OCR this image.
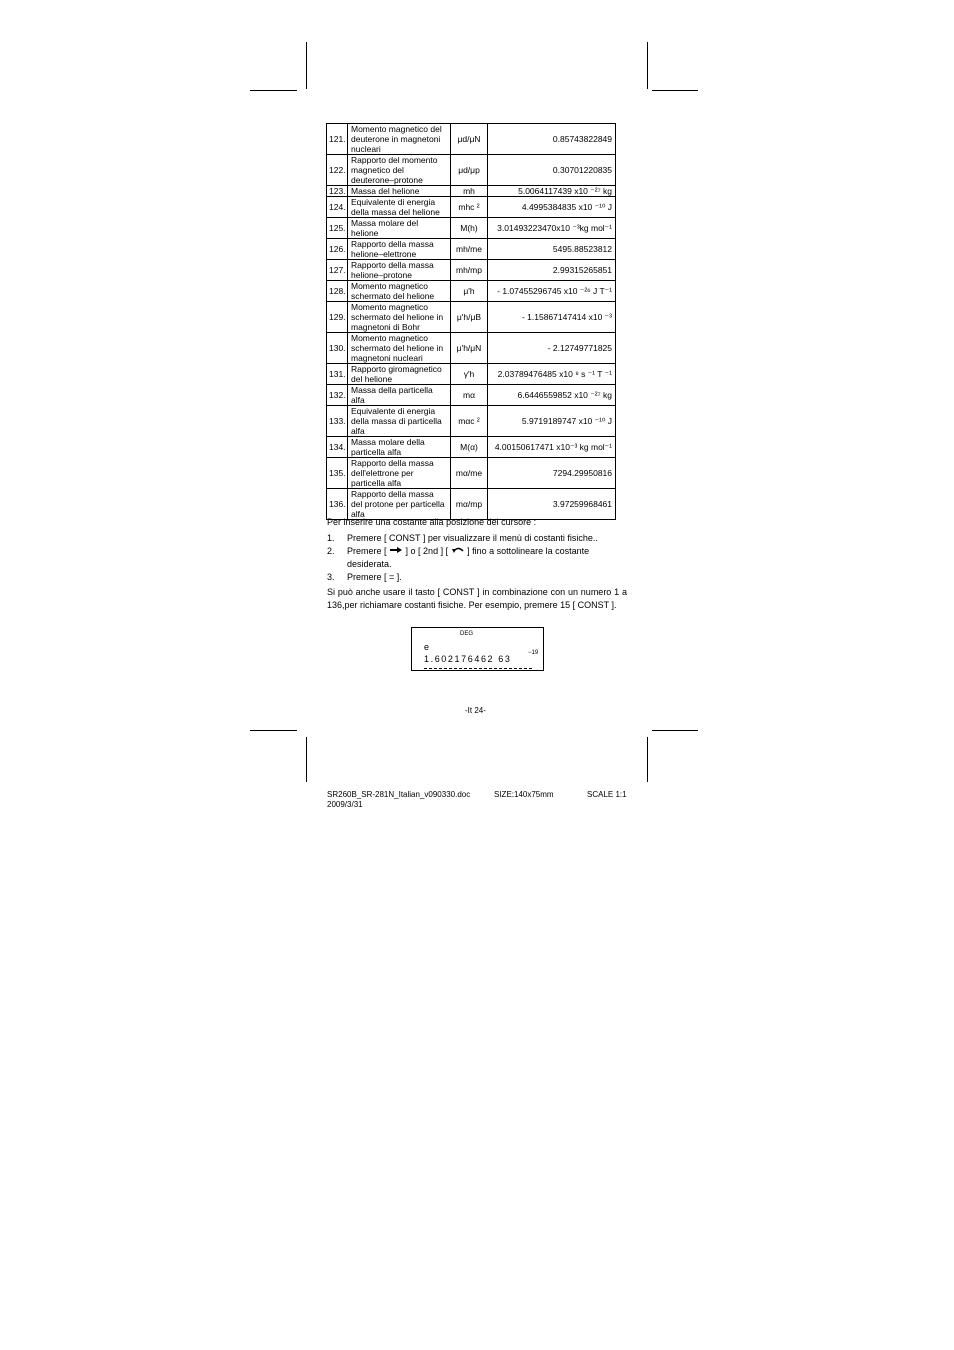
121.	Momento magnetico del deuterone in magnetoni nucleari	μd/μN	0.85743822849
122.	Rapporto del momento magnetico del deuterone–protone	μd/μp	0.30701220835
123.	Massa del helione	mh	5.0064117439 x10 ⁻²⁷ kg
124.	Equivalente di energia della massa del helione	mhc ²	4.4995384835 x10 ⁻¹⁰ J
125.	Massa molare del helione	M(h)	3.01493223470x10 ⁻³kg mol⁻¹
126.	Rapporto della massa helione–elettrone	mh/me	5495.88523812
127.	Rapporto della massa helione–protone	mh/mp	2.99315265851
128.	Momento magnetico schermato del helione	μ'h	- 1.07455296745 x10 ⁻²⁶ J T⁻¹
129.	Momento magnetico schermato del helione in magnetoni di Bohr	μ'h/μB	- 1.15867147414 x10 ⁻³
130.	Momento magnetico schermato del helione in magnetoni nucleari	μ'h/μN	- 2.12749771825
131.	Rapporto giromagnetico del helione	γ'h	2.03789476485 x10 ⁸ s ⁻¹ T ⁻¹
132.	Massa della particella alfa	mα	6.6446559852 x10 ⁻²⁷ kg
133.	Equivalente di energia della massa di particella alfa	mαc ²	5.9719189747 x10 ⁻¹⁰ J
134.	Massa molare della particella alfa	M(α)	4.00150617471 x10⁻³ kg mol⁻¹
135.	Rapporto della massa dell'elettrone per particella alfa	mα/me	7294.29950816
136.	Rapporto della massa del protone per particella alfa	mα/mp	3.97259968461
Per inserire una costante alla posizione del cursore :
1. Premere [ CONST ] per visualizzare il menù di costanti fisiche..
2. Premere [ ] o [ 2nd ] [ ] fino a sottolineare la costante desiderata.
3. Premere [ = ].
Si può anche usare il tasto [ CONST ] in combinazione con un numero 1 a 136,per richiamare costanti fisiche. Per esempio, premere 15 [ CONST ].
DEG
e
1.602176462 63
−19
-It 24-
SR260B_SR-281N_Italian_v090330.doc	SIZE:140x75mm	SCALE 1:1
2009/3/31
